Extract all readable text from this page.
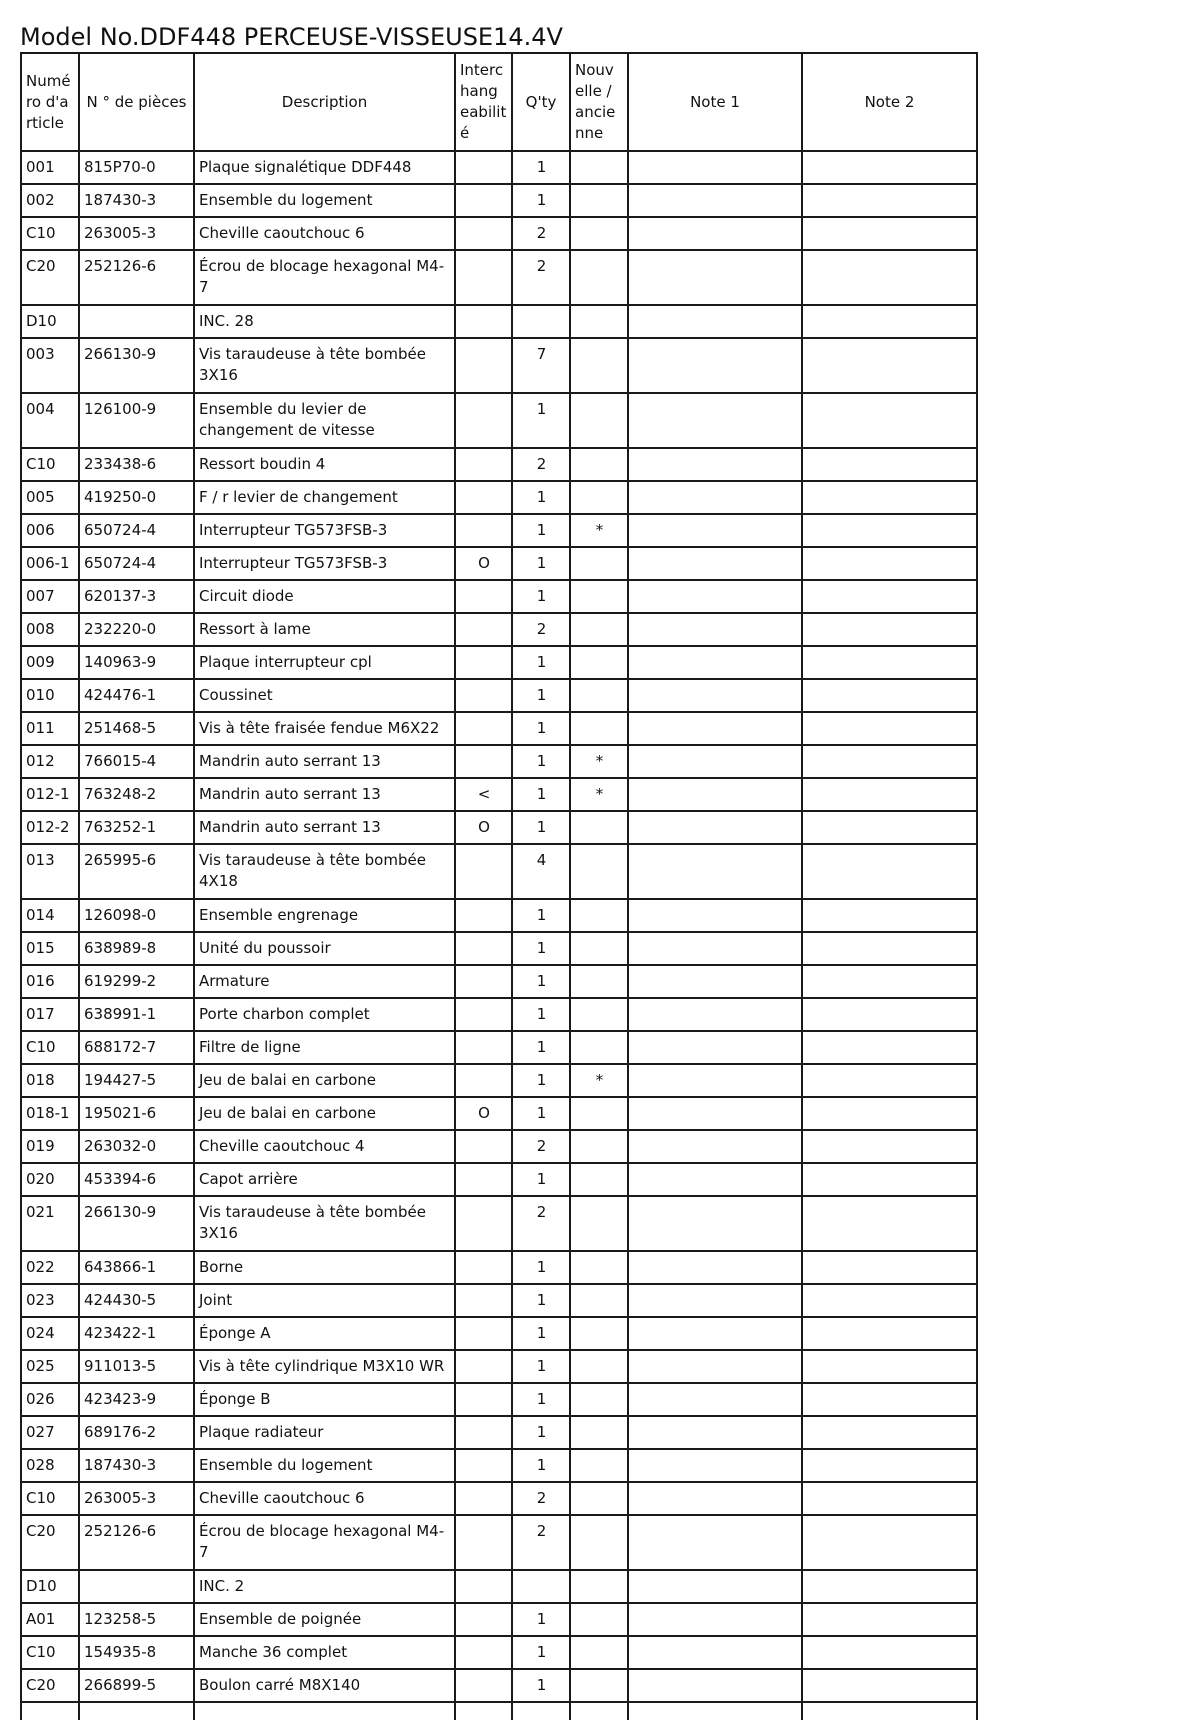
Model No.DDF448 PERCEUSE-VISSEUSE14.4V
Numé ro d'a rticle	N ° de pièces	Description	Interc hang eabilit é	Q'ty	Nouv elle / ancie nne	Note 1	Note 2
001	815P70-0	Plaque signalétique DDF448		1			
002	187430-3	Ensemble du logement		1			
C10	263005-3	Cheville caoutchouc 6		2			
C20	252126-6	Écrou de blocage hexagonal M4-7		2			
D10		INC. 28					
003	266130-9	Vis taraudeuse à tête bombée 3X16		7			
004	126100-9	Ensemble du levier de changement de vitesse		1			
C10	233438-6	Ressort boudin 4		2			
005	419250-0	F / r levier de changement		1			
006	650724-4	Interrupteur TG573FSB-3		1	*		
006-1	650724-4	Interrupteur TG573FSB-3	O	1			
007	620137-3	Circuit diode		1			
008	232220-0	Ressort à lame		2			
009	140963-9	Plaque interrupteur cpl		1			
010	424476-1	Coussinet		1			
011	251468-5	Vis à tête fraisée fendue M6X22		1			
012	766015-4	Mandrin auto serrant 13		1	*		
012-1	763248-2	Mandrin auto serrant 13	<	1	*		
012-2	763252-1	Mandrin auto serrant 13	O	1			
013	265995-6	Vis taraudeuse à tête bombée 4X18		4			
014	126098-0	Ensemble engrenage		1			
015	638989-8	Unité du poussoir		1			
016	619299-2	Armature		1			
017	638991-1	Porte charbon complet		1			
C10	688172-7	Filtre de ligne		1			
018	194427-5	Jeu de balai en carbone		1	*		
018-1	195021-6	Jeu de balai en carbone	O	1			
019	263032-0	Cheville caoutchouc 4		2			
020	453394-6	Capot arrière		1			
021	266130-9	Vis taraudeuse à tête bombée 3X16		2			
022	643866-1	Borne		1			
023	424430-5	Joint		1			
024	423422-1	Éponge A		1			
025	911013-5	Vis à tête cylindrique M3X10 WR		1			
026	423423-9	Éponge B		1			
027	689176-2	Plaque radiateur		1			
028	187430-3	Ensemble du logement		1			
C10	263005-3	Cheville caoutchouc 6		2			
C20	252126-6	Écrou de blocage hexagonal M4-7		2			
D10		INC. 2					
A01	123258-5	Ensemble de poignée		1			
C10	154935-8	Manche 36 complet		1			
C20	266899-5	Boulon carré M8X140		1			
